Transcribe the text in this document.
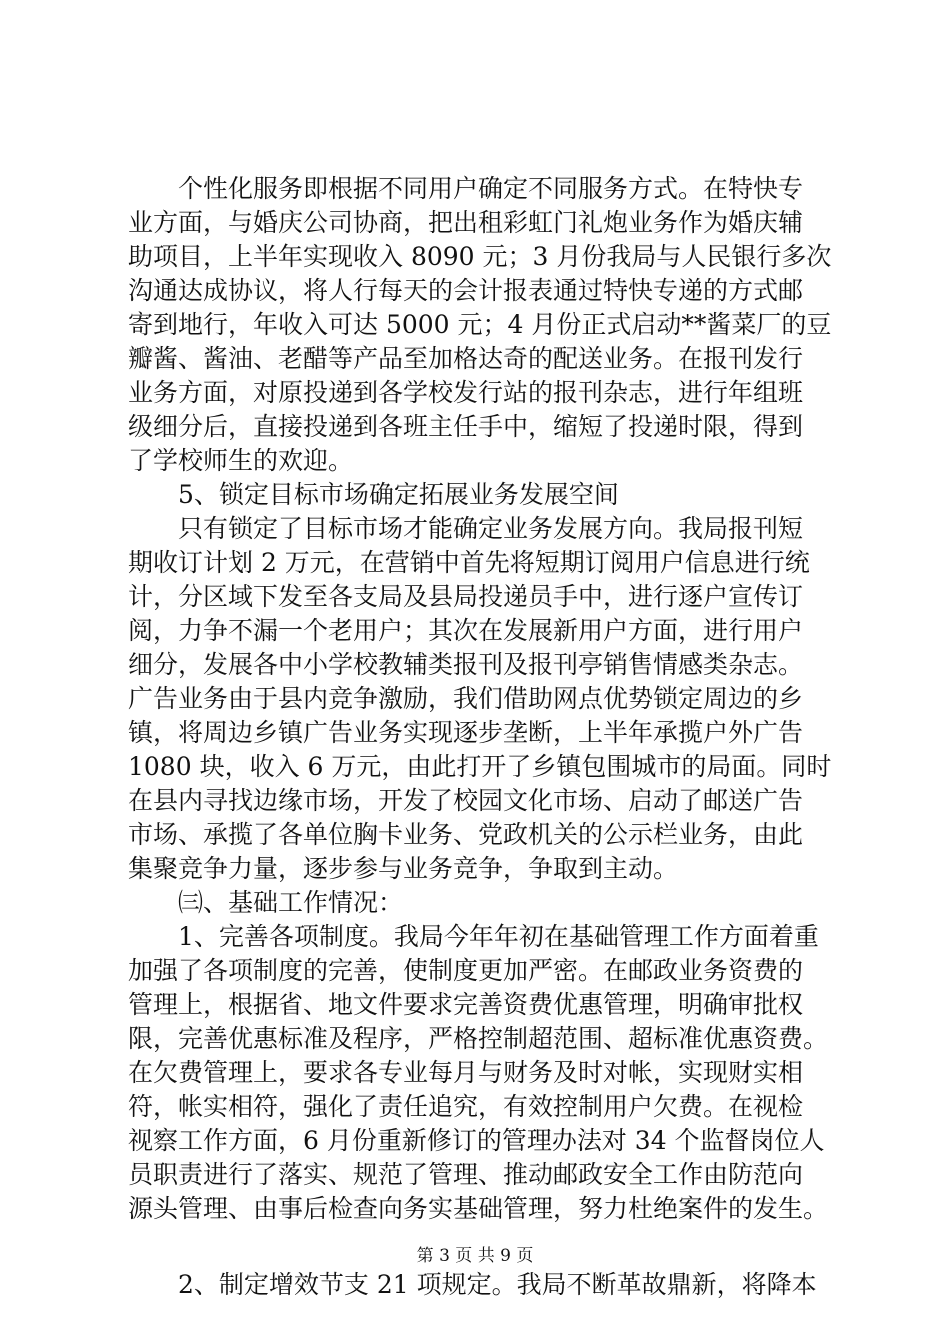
　　个性化服务即根据不同用户确定不同服务方式。在特快专
业方面，与婚庆公司协商，把出租彩虹门礼炮业务作为婚庆辅
助项目，上半年实现收入 8090 元；3 月份我局与人民银行多次
沟通达成协议，将人行每天的会计报表通过特快专递的方式邮
寄到地行，年收入可达 5000 元；4 月份正式启动**酱菜厂的豆
瓣酱、酱油、老醋等产品至加格达奇的配送业务。在报刊发行
业务方面，对原投递到各学校发行站的报刊杂志，进行年组班
级细分后，直接投递到各班主任手中，缩短了投递时限，得到
了学校师生的欢迎。
　　5、锁定目标市场确定拓展业务发展空间
　　只有锁定了目标市场才能确定业务发展方向。我局报刊短
期收订计划 2 万元，在营销中首先将短期订阅用户信息进行统
计，分区域下发至各支局及县局投递员手中，进行逐户宣传订
阅，力争不漏一个老用户；其次在发展新用户方面，进行用户
细分，发展各中小学校教辅类报刊及报刊亭销售情感类杂志。
广告业务由于县内竞争激励，我们借助网点优势锁定周边的乡
镇，将周边乡镇广告业务实现逐步垄断，上半年承揽户外广告
1080 块，收入 6 万元，由此打开了乡镇包围城市的局面。同时
在县内寻找边缘市场，开发了校园文化市场、启动了邮送广告
市场、承揽了各单位胸卡业务、党政机关的公示栏业务，由此
集聚竞争力量，逐步参与业务竞争，争取到主动。
　　㈢、基础工作情况：
　　1、完善各项制度。我局今年年初在基础管理工作方面着重
加强了各项制度的完善，使制度更加严密。在邮政业务资费的
管理上，根据省、地文件要求完善资费优惠管理，明确审批权
限，完善优惠标准及程序，严格控制超范围、超标准优惠资费。
在欠费管理上，要求各专业每月与财务及时对帐，实现财实相
符，帐实相符，强化了责任追究，有效控制用户欠费。在视检
视察工作方面，6 月份重新修订的管理办法对 34 个监督岗位人
员职责进行了落实、规范了管理、推动邮政安全工作由防范向
源头管理、由事后检查向务实基础管理，努力杜绝案件的发生。
　　2、制定增效节支 21 项规定。我局不断革故鼎新，将降本
第 3 页 共 9 页
